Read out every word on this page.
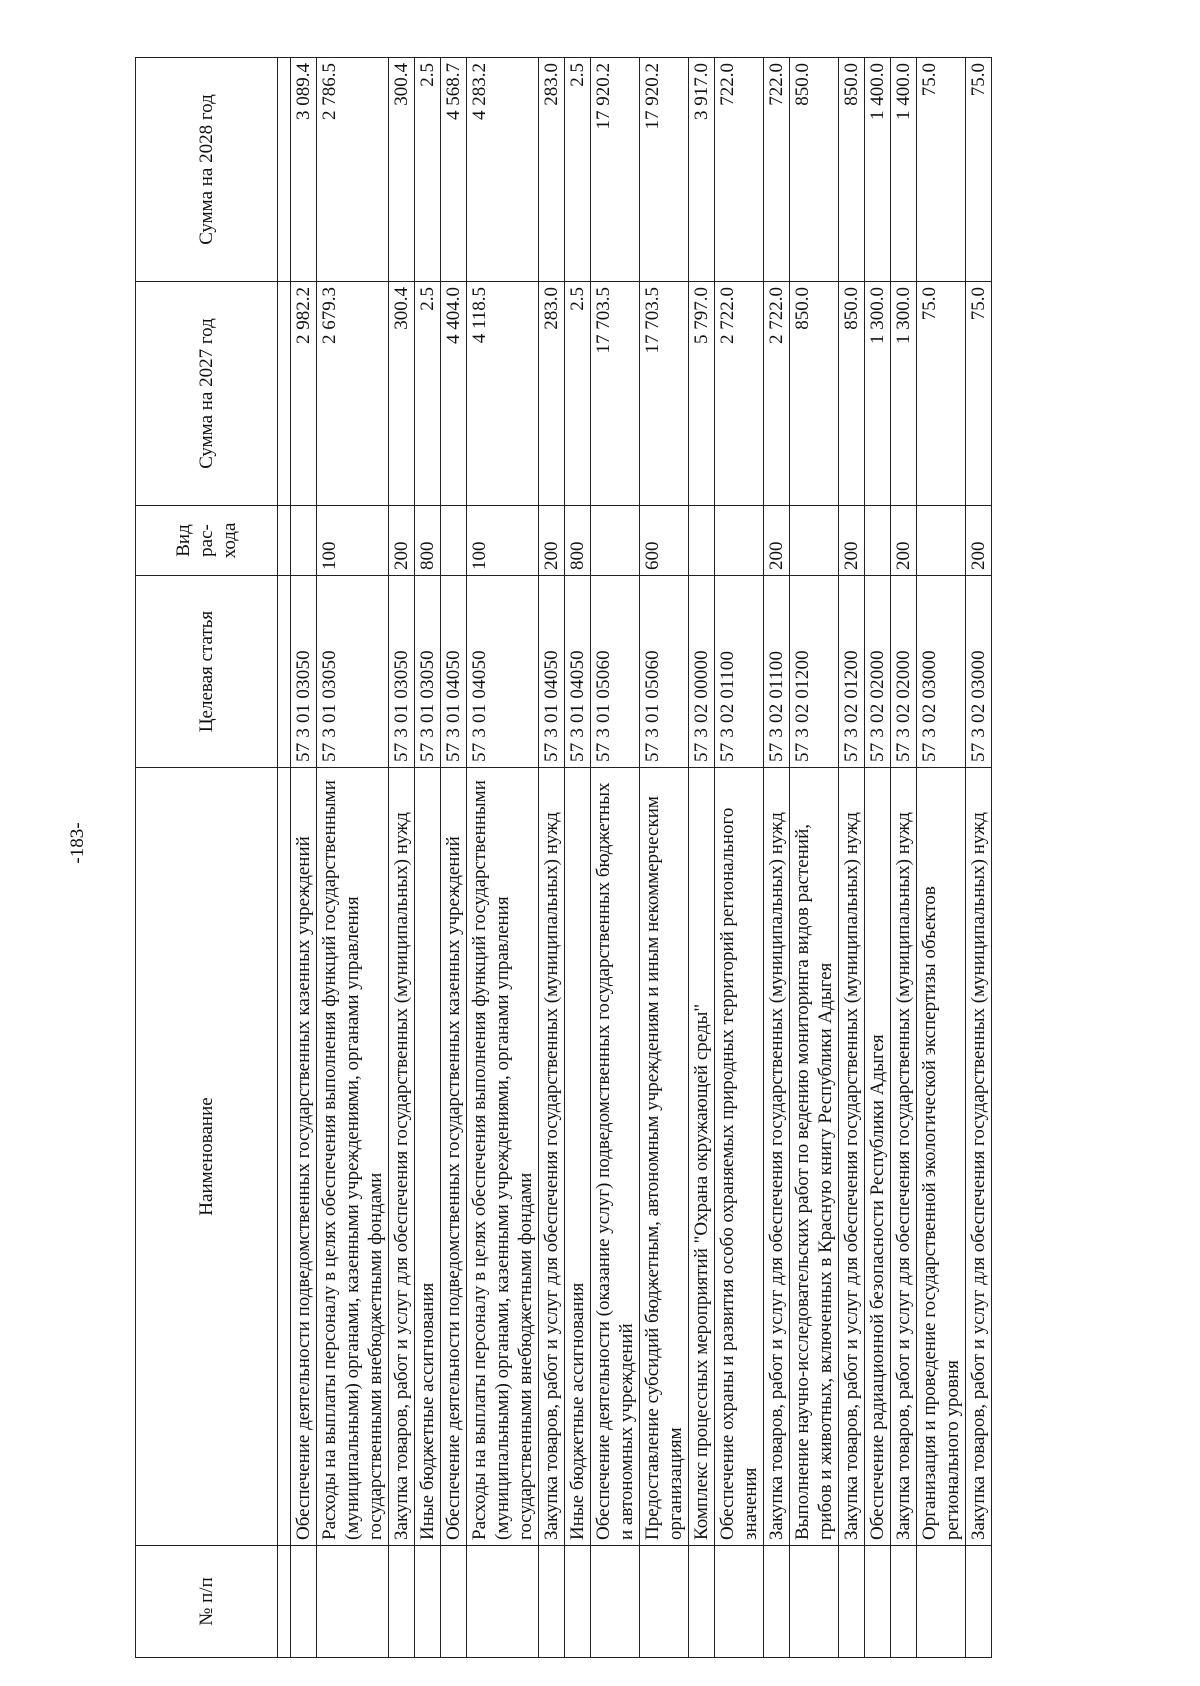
-183-
№ п/п	Наименование	Целевая статья	Вид рас-хода	Сумма на 2027 год	Сумма на 2028 год

	Обеспечение деятельности подведомственных государственных казенных учреждений	57 3 01 03050		2 982.2	3 089.4
	Расходы на выплаты персоналу в целях обеспечения выполнения функций государственными (муниципальными) органами, казенными учреждениями, органами управления государственными внебюджетными фондами	57 3 01 03050	100	2 679.3	2 786.5
	Закупка товаров, работ и услуг для обеспечения государственных (муниципальных) нужд	57 3 01 03050	200	300.4	300.4
	Иные бюджетные ассигнования	57 3 01 03050	800	2.5	2.5
	Обеспечение деятельности подведомственных государственных казенных учреждений	57 3 01 04050		4 404.0	4 568.7
	Расходы на выплаты персоналу в целях обеспечения выполнения функций государственными (муниципальными) органами, казенными учреждениями, органами управления государственными внебюджетными фондами	57 3 01 04050	100	4 118.5	4 283.2
	Закупка товаров, работ и услуг для обеспечения государственных (муниципальных) нужд	57 3 01 04050	200	283.0	283.0
	Иные бюджетные ассигнования	57 3 01 04050	800	2.5	2.5
	Обеспечение деятельности (оказание услуг) подведомственных государственных бюджетных и автономных учреждений	57 3 01 05060		17 703.5	17 920.2
	Предоставление субсидий бюджетным, автономным учреждениям и иным некоммерческим организациям	57 3 01 05060	600	17 703.5	17 920.2
	Комплекс процессных мероприятий "Охрана окружающей среды"	57 3 02 00000		5 797.0	3 917.0
	Обеспечение охраны и развития особо охраняемых природных территорий регионального значения	57 3 02 01100		2 722.0	722.0
	Закупка товаров, работ и услуг для обеспечения государственных (муниципальных) нужд	57 3 02 01100	200	2 722.0	722.0
	Выполнение научно-исследовательских работ по ведению мониторинга видов растений, грибов и животных, включенных в Красную книгу Республики Адыгея	57 3 02 01200		850.0	850.0
	Закупка товаров, работ и услуг для обеспечения государственных (муниципальных) нужд	57 3 02 01200	200	850.0	850.0
	Обеспечение радиационной безопасности Республики Адыгея	57 3 02 02000		1 300.0	1 400.0
	Закупка товаров, работ и услуг для обеспечения государственных (муниципальных) нужд	57 3 02 02000	200	1 300.0	1 400.0
	Организация и проведение государственной экологической экспертизы объектов регионального уровня	57 3 02 03000		75.0	75.0
	Закупка товаров, работ и услуг для обеспечения государственных (муниципальных) нужд	57 3 02 03000	200	75.0	75.0
